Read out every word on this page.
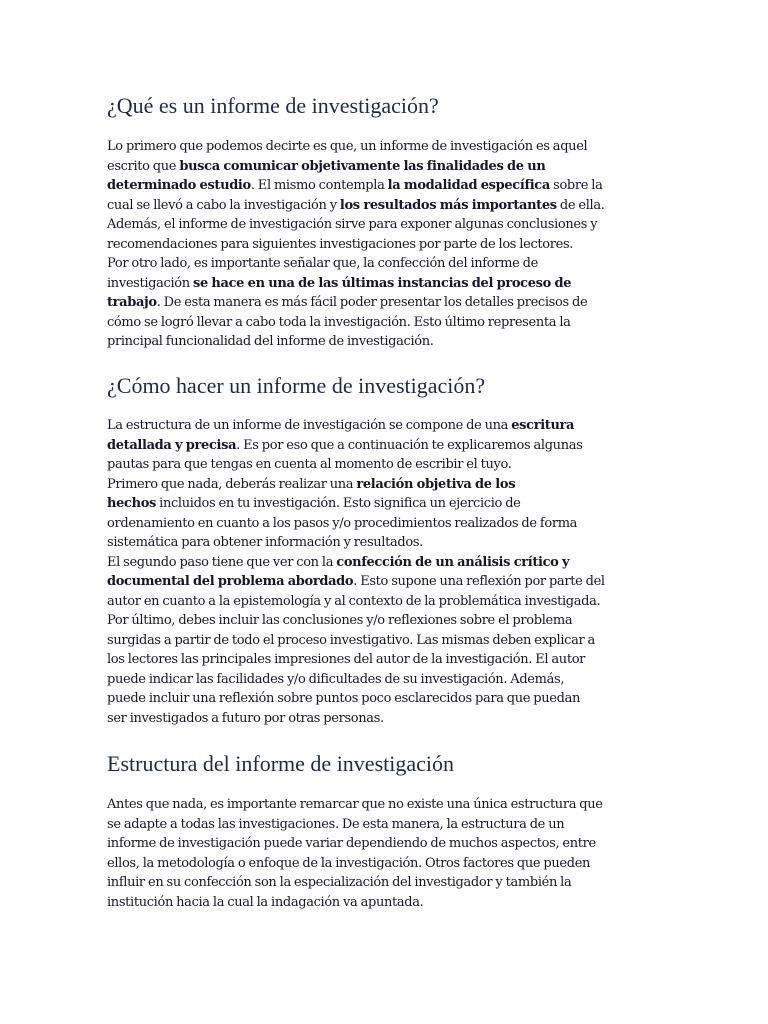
¿Qué es un informe de investigación?
Lo primero que podemos decirte es que, un informe de investigación es aquel
escrito que busca comunicar objetivamente las finalidades de un
determinado estudio. El mismo contempla la modalidad específica sobre la
cual se llevó a cabo la investigación y los resultados más importantes de ella.
Además, el informe de investigación sirve para exponer algunas conclusiones y
recomendaciones para siguientes investigaciones por parte de los lectores.
Por otro lado, es importante señalar que, la confección del informe de
investigación se hace en una de las últimas instancias del proceso de
trabajo. De esta manera es más fácil poder presentar los detalles precisos de
cómo se logró llevar a cabo toda la investigación. Esto último representa la
principal funcionalidad del informe de investigación.
¿Cómo hacer un informe de investigación?
La estructura de un informe de investigación se compone de una escritura
detallada y precisa. Es por eso que a continuación te explicaremos algunas
pautas para que tengas en cuenta al momento de escribir el tuyo.
Primero que nada, deberás realizar una relación objetiva de los
hechos incluidos en tu investigación. Esto significa un ejercicio de
ordenamiento en cuanto a los pasos y/o procedimientos realizados de forma
sistemática para obtener información y resultados.
El segundo paso tiene que ver con la confección de un análisis crítico y
documental del problema abordado. Esto supone una reflexión por parte del
autor en cuanto a la epistemología y al contexto de la problemática investigada.
Por último, debes incluir las conclusiones y/o reflexiones sobre el problema
surgidas a partir de todo el proceso investigativo. Las mismas deben explicar a
los lectores las principales impresiones del autor de la investigación. El autor
puede indicar las facilidades y/o dificultades de su investigación. Además,
puede incluir una reflexión sobre puntos poco esclarecidos para que puedan
ser investigados a futuro por otras personas.
Estructura del informe de investigación
Antes que nada, es importante remarcar que no existe una única estructura que
se adapte a todas las investigaciones. De esta manera, la estructura de un
informe de investigación puede variar dependiendo de muchos aspectos, entre
ellos, la metodología o enfoque de la investigación. Otros factores que pueden
influir en su confección son la especialización del investigador y también la
institución hacia la cual la indagación va apuntada.
